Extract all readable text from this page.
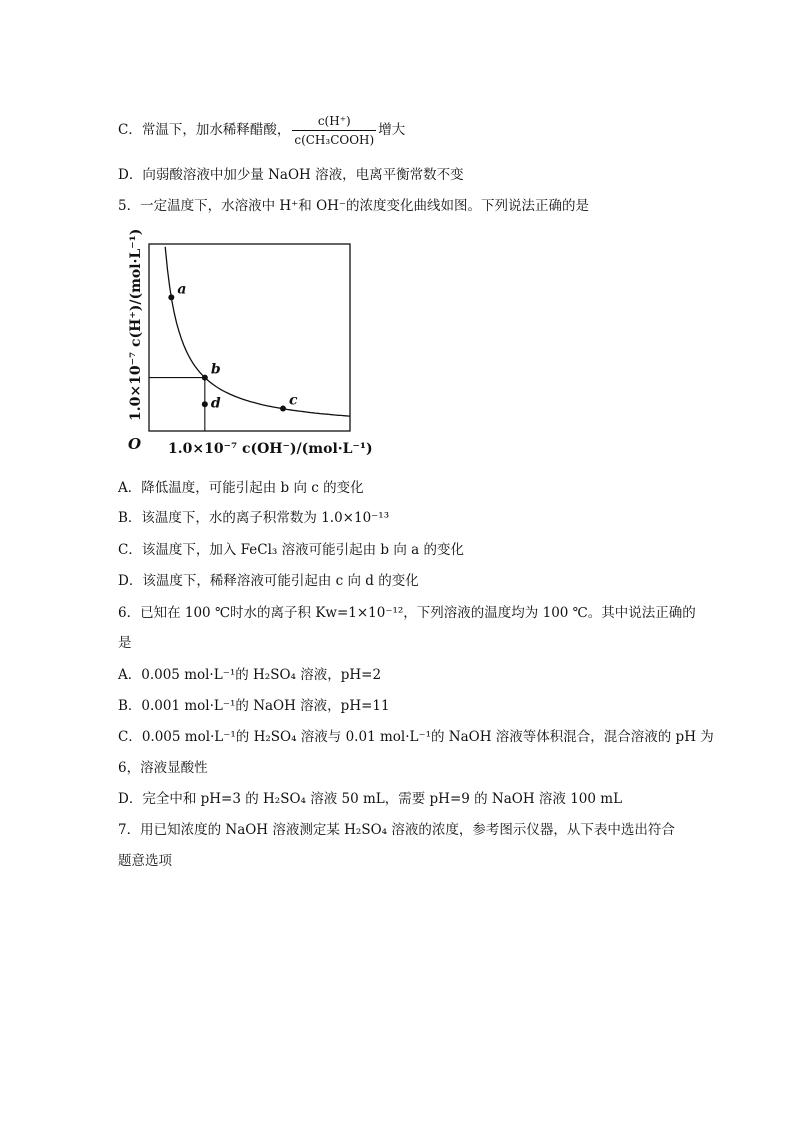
C．常温下，加水稀释醋酸， $\frac{c(H^+)}{\text{c(CH₃COOH)}}$ 增大
D．向弱酸溶液中加少量 NaOH 溶液，电离平衡常数不变
5．一定温度下，水溶液中 H⁺和 OH⁻的浓度变化曲线如图。下列说法正确的是
a
b
c
d
O 1.0×10⁻⁷ c(OH⁻)/(mol·L⁻¹)
1.0×10⁻⁷ c(H⁺)/(mol·L⁻¹)
A．降低温度，可能引起由 b 向 c 的变化
B．该温度下，水的离子积常数为 1.0×10⁻¹³
C．该温度下，加入 FeCl₃ 溶液可能引起由 b 向 a 的变化
D．该温度下，稀释溶液可能引起由 c 向 d 的变化
6．已知在 100 ℃时水的离子积 Kw=1×10⁻¹²，下列溶液的温度均为 100 ℃。其中说法正确的
是
A．0.005 mol·L⁻¹的 H₂SO₄ 溶液，pH=2
B．0.001 mol·L⁻¹的 NaOH 溶液，pH=11
C．0.005 mol·L⁻¹的 H₂SO₄ 溶液与 0.01 mol·L⁻¹的 NaOH 溶液等体积混合，混合溶液的 pH 为
6，溶液显酸性
D．完全中和 pH=3 的 H₂SO₄ 溶液 50 mL，需要 pH=9 的 NaOH 溶液 100 mL
7．用已知浓度的 NaOH 溶液测定某 H₂SO₄ 溶液的浓度，参考图示仪器，从下表中选出符合
题意选项
